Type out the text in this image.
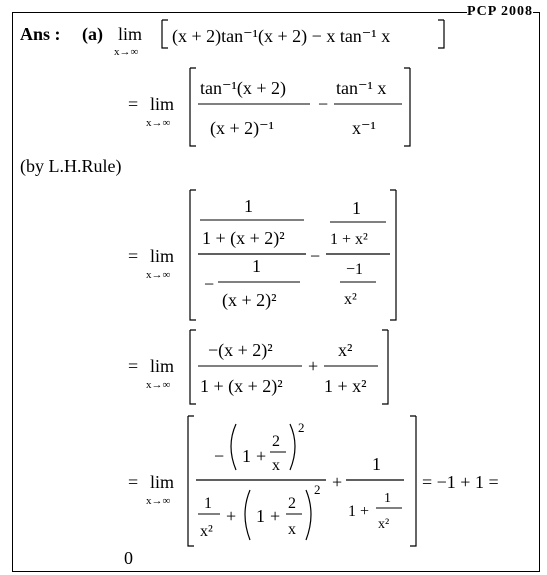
PCP 2008
Ans : (a) lim
x→∞
(x + 2)tan⁻¹(x + 2) − x tan⁻¹ x
= lim
x→∞
tan⁻¹(x + 2)
(x + 2)⁻¹
−
tan⁻¹ x
x⁻¹
(by L.H.Rule)
= lim
x→∞
1
1 + (x + 2)²
−
1
(x + 2)²
−
1
1 + x²
−1
x²
= lim
x→∞
−(x + 2)²
1 + (x + 2)²
+
x²
1 + x²
= lim
x→∞
− 1 +
2
x
2
1
x²
+ 1 +
2
x
2 +
1
1 +
1
x²
= −1 + 1 =
0
